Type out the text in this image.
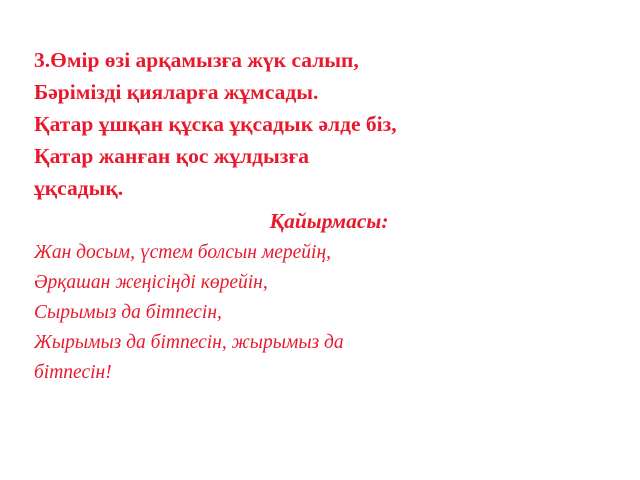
3.Өмір өзі арқамызға жүк салып,
Бәрімізді қияларға жұмсады.
Қатар ұшқан құска ұқсадык әлде біз,
Қатар жанған қос жұлдызға
ұқсадық.
Қайырмасы:
Жан досым, үстем болсын мерейің,
Әрқашан жеңісіңді көрейін,
Сырымыз да бітпесін,
Жырымыз да бітпесін, жырымыз да
бітпесін!
